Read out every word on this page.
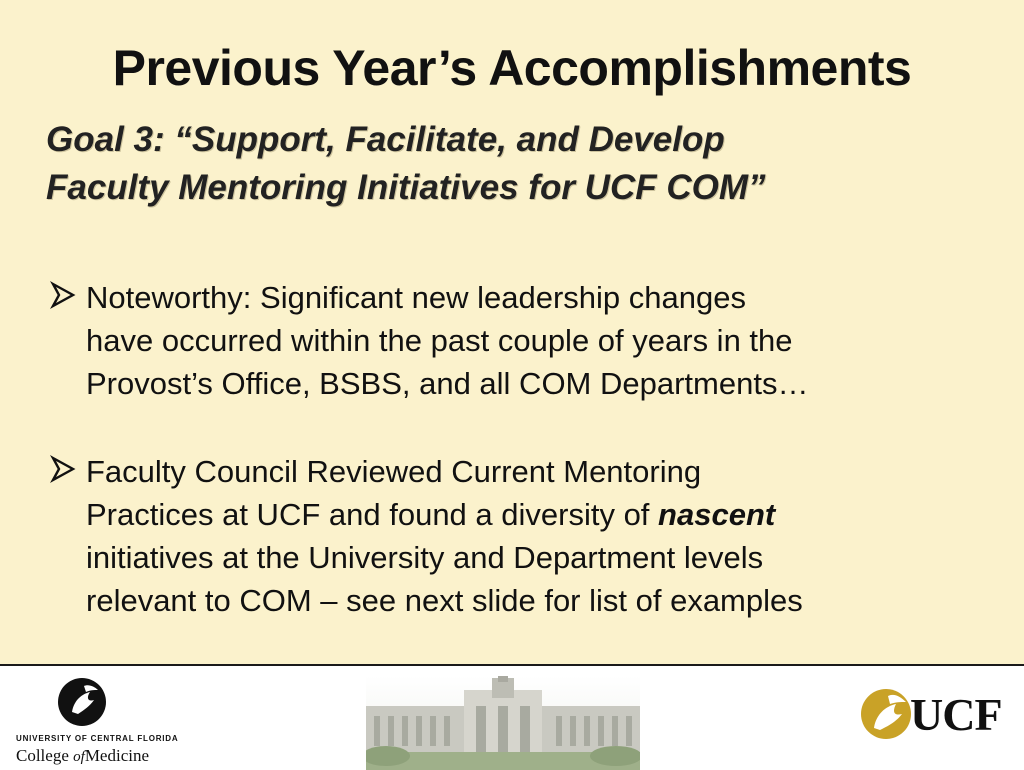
Previous Year’s Accomplishments
Goal 3: “Support, Facilitate, and Develop
Faculty Mentoring Initiatives for UCF COM”
Noteworthy: Significant new leadership changes
have occurred within the past couple of years in the
Provost’s Office, BSBS, and all COM Departments…
Faculty Council Reviewed Current Mentoring
Practices at UCF and found a diversity of nascent
initiatives at the University and Department levels
relevant to COM – see next slide for list of examples
UNIVERSITY OF CENTRAL FLORIDA
College ofMedicine
UCF
